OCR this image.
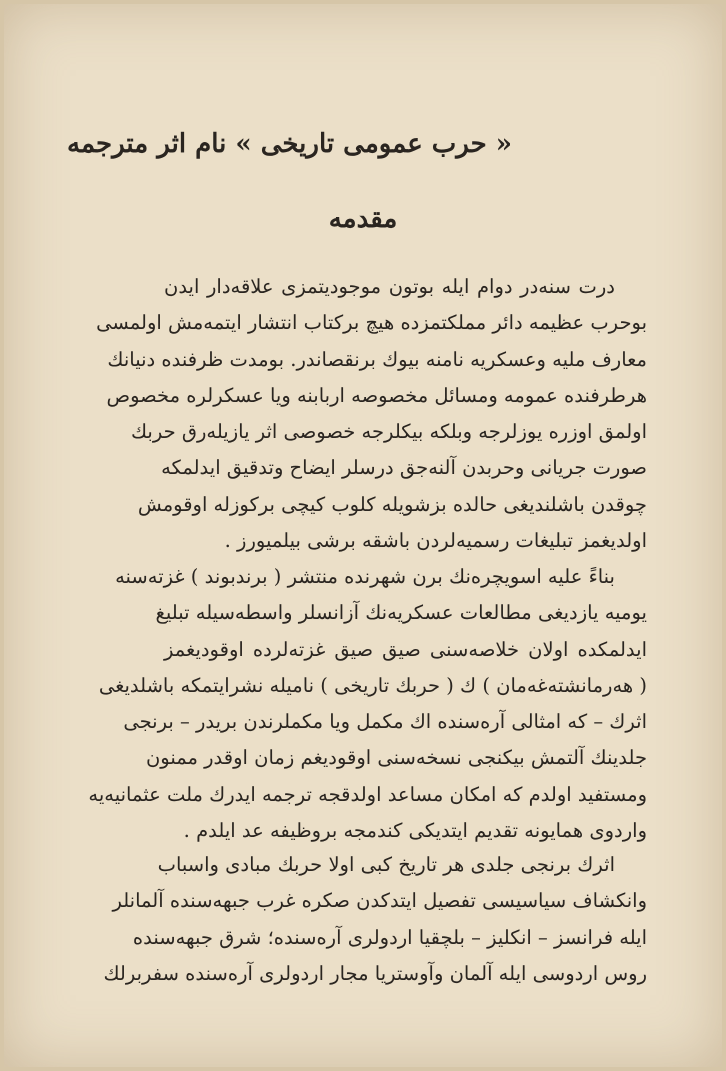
« حرب عمومی تاریخی » نام اثر مترجمه
مقدمه
درت سنه‌در دوام ایله بوتون موجودیتمزی علاقه‌دار ایدن
بوحرب عظیمه دائر مملکتمزده هیچ برکتاب انتشار ایتمه‌مش اولمسی
معارف ملیه وعسکریه نامنه بیوك برنقصاندر. بومدت ظرفنده دنیانك
هرطرفنده عمومه ومسائل مخصوصه اربابنه ویا عسکرلره مخصوص
اولمق اوزره یوزلرجه وبلکه بیکلرجه خصوصی اثر یازیله‌رق حربك
صورت جریانی وحربدن آلنه‌جق درسلر ایضاح وتدقیق ایدلمکه
چوقدن باشلندیغی حالده بزشویله کلوب کیچی برکوزله اوقومش
اولدیغمز تبلیغات رسمیه‌لردن باشقه برشی بیلمیورز .
بناءً علیه اسویچره‌نك برن شهرنده منتشر ( برندبوند ) غزته‌سنه
یومیه یازدیغی مطالعات عسکریه‌نك آزانسلر واسطه‌سیله تبلیغ
ایدلمکده اولان خلاصه‌سنی صیق صیق غزته‌لرده اوقودیغمز
( هه‌رمانشته‌غه‌مان ) ك ( حربك تاریخی ) نامیله نشرایتمکه باشلدیغی
اثرك – که امثالی آره‌سنده اك مکمل ویا مکملرندن بریدر – برنجی
جلدینك آلتمش بیکنجی نسخه‌سنی اوقودیغم زمان اوقدر ممنون
ومستفید اولدم که امکان مساعد اولدقجه ترجمه ایدرك ملت عثمانیه‌یه
واردوی همایونه تقدیم ایتدیکی کندمجه بروظیفه عد ایلدم .
اثرك برنجی جلدی هر تاریخ کبی اولا حربك مبادی واسباب
وانکشاف سیاسیسی تفصیل ایتدکدن صکره غرب جبهه‌سنده آلمانلر
ایله فرانسز – انکلیز – بلچقیا اردولری آره‌سنده؛ شرق جبهه‌سنده
روس اردوسی ایله آلمان وآوستریا مجار اردولری آره‌سنده سفربرلك
